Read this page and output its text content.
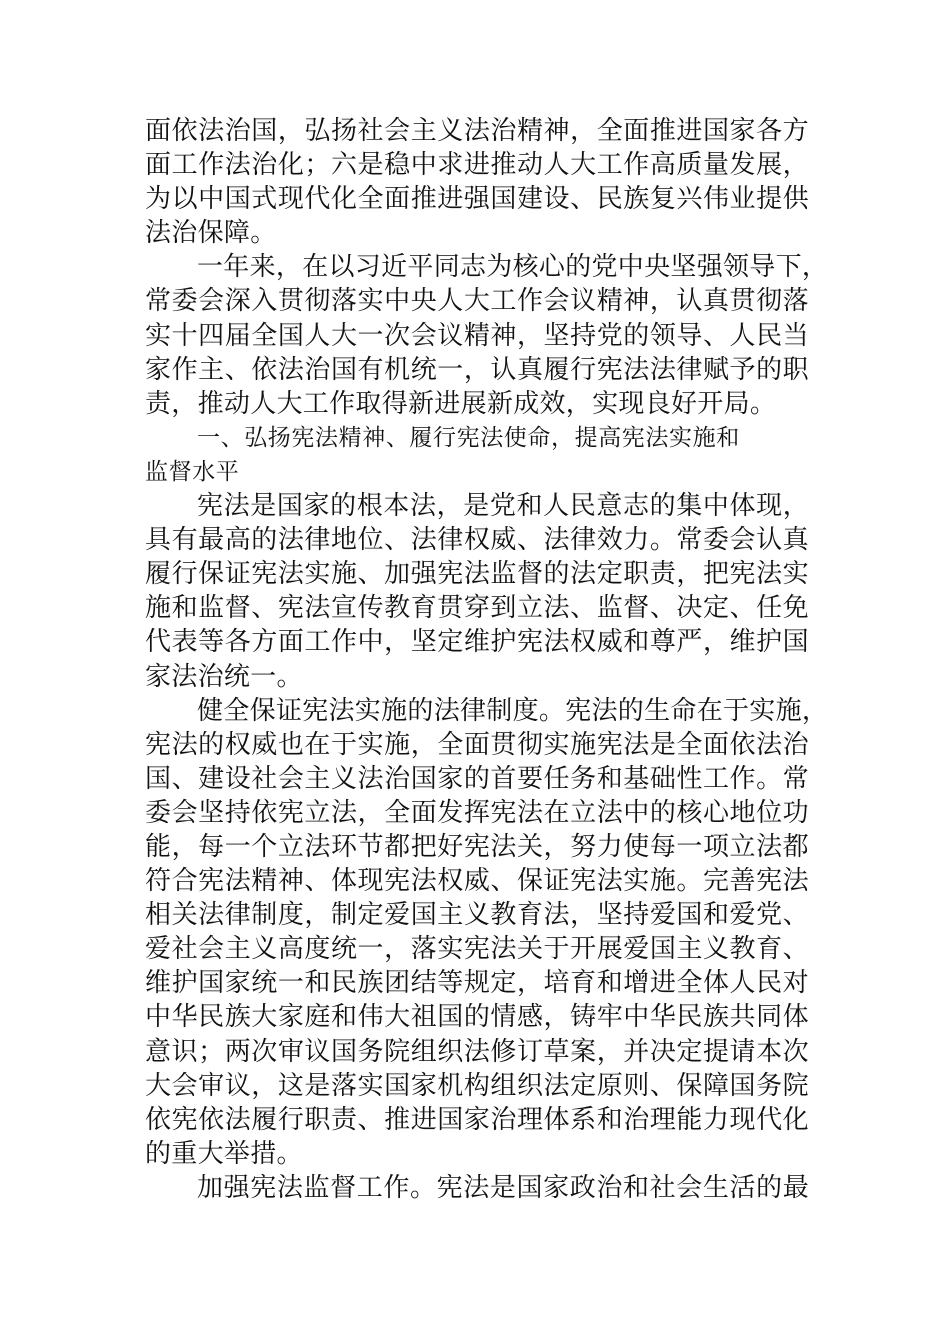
面依法治国，弘扬社会主义法治精神，全面推进国家各方
面工作法治化；六是稳中求进推动人大工作高质量发展，
为以中国式现代化全面推进强国建设、民族复兴伟业提供
法治保障。
一年来，在以习近平同志为核心的党中央坚强领导下，
常委会深入贯彻落实中央人大工作会议精神，认真贯彻落
实十四届全国人大一次会议精神，坚持党的领导、人民当
家作主、依法治国有机统一，认真履行宪法法律赋予的职
责，推动人大工作取得新进展新成效，实现良好开局。
一、弘扬宪法精神、履行宪法使命，提高宪法实施和
监督水平
宪法是国家的根本法，是党和人民意志的集中体现，
具有最高的法律地位、法律权威、法律效力。常委会认真
履行保证宪法实施、加强宪法监督的法定职责，把宪法实
施和监督、宪法宣传教育贯穿到立法、监督、决定、任免
代表等各方面工作中，坚定维护宪法权威和尊严，维护国
家法治统一。
健全保证宪法实施的法律制度。宪法的生命在于实施，
宪法的权威也在于实施，全面贯彻实施宪法是全面依法治
国、建设社会主义法治国家的首要任务和基础性工作。常
委会坚持依宪立法，全面发挥宪法在立法中的核心地位功
能，每一个立法环节都把好宪法关，努力使每一项立法都
符合宪法精神、体现宪法权威、保证宪法实施。完善宪法
相关法律制度，制定爱国主义教育法，坚持爱国和爱党、
爱社会主义高度统一，落实宪法关于开展爱国主义教育、
维护国家统一和民族团结等规定，培育和增进全体人民对
中华民族大家庭和伟大祖国的情感，铸牢中华民族共同体
意识；两次审议国务院组织法修订草案，并决定提请本次
大会审议，这是落实国家机构组织法定原则、保障国务院
依宪依法履行职责、推进国家治理体系和治理能力现代化
的重大举措。
加强宪法监督工作。宪法是国家政治和社会生活的最
